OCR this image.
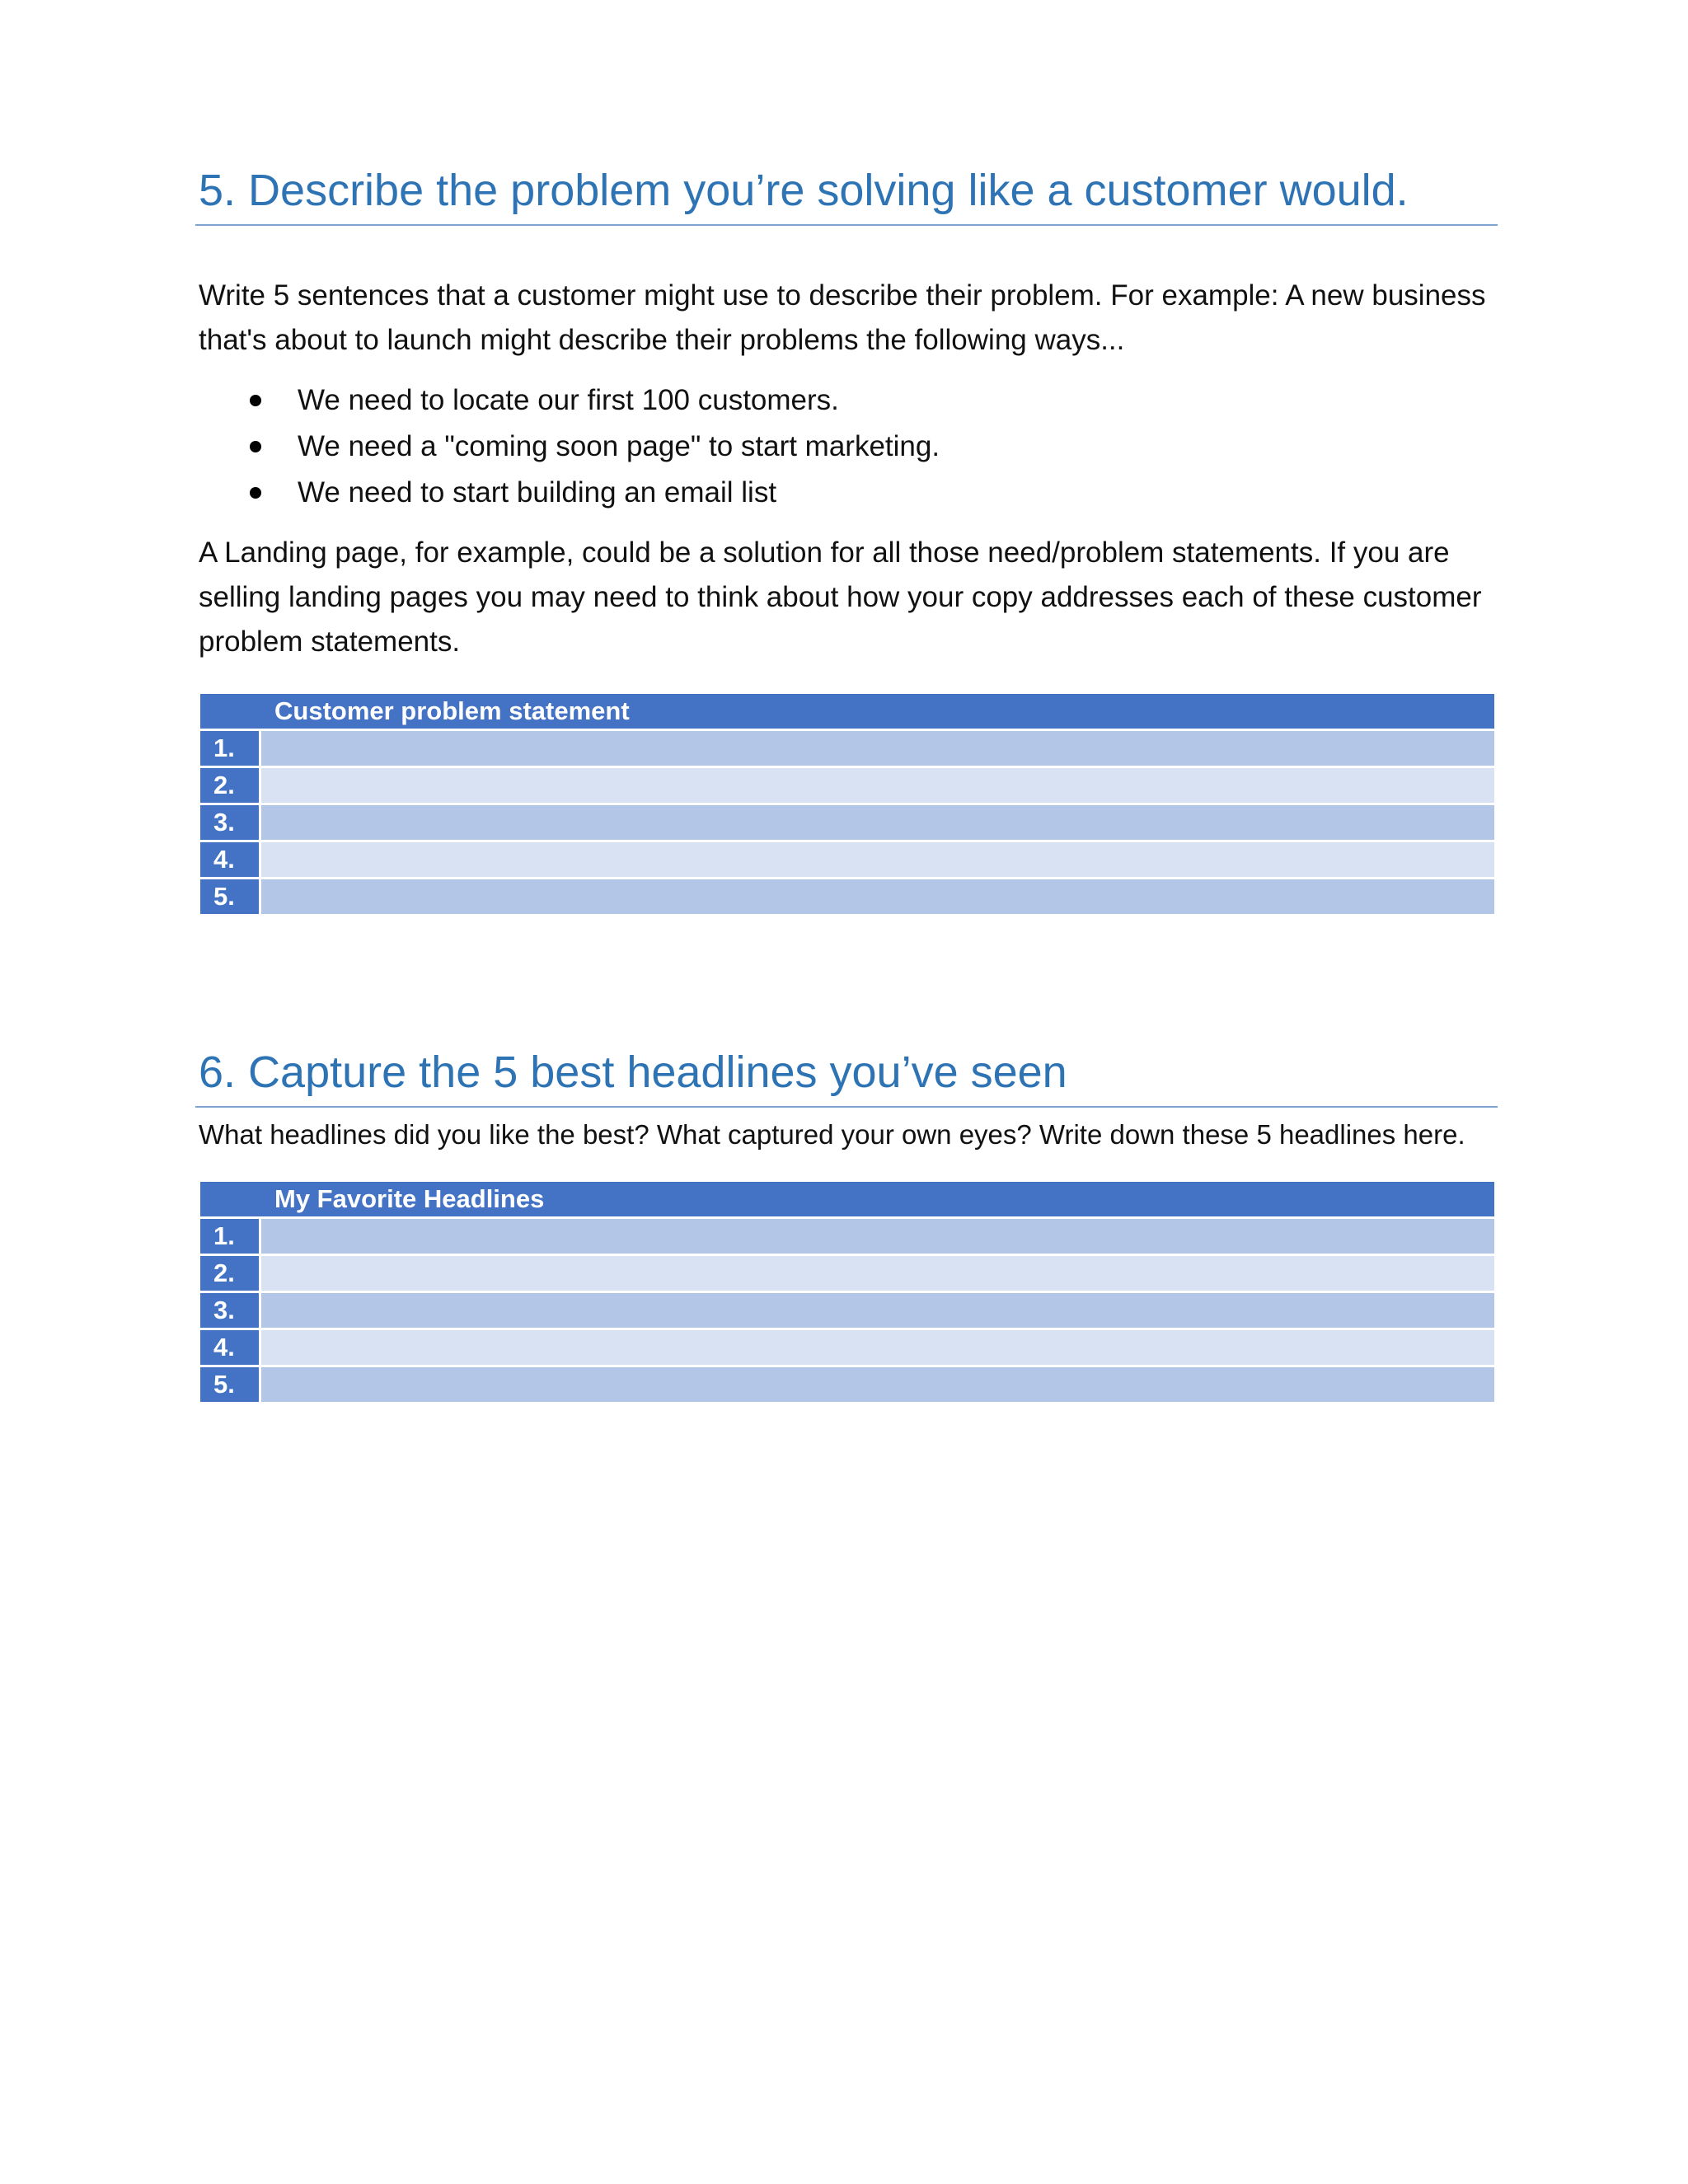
5. Describe the problem you’re solving like a customer would.

Write 5 sentences that a customer might use to describe their problem. For example: A new business that's about to launch might describe their problems the following ways...

We need to locate our first 100 customers.
We need a "coming soon page" to start marketing.
We need to start building an email list

A Landing page, for example, could be a solution for all those need/problem statements. If you are selling landing pages you may need to think about how your copy addresses each of these customer problem statements.

	Customer problem statement
1.	
2.	
3.	
4.	
5.	
6. Capture the 5 best headlines you’ve seen

What headlines did you like the best? What captured your own eyes? Write down these 5 headlines here.

	My Favorite Headlines
1.	
2.	
3.	
4.	
5.	
